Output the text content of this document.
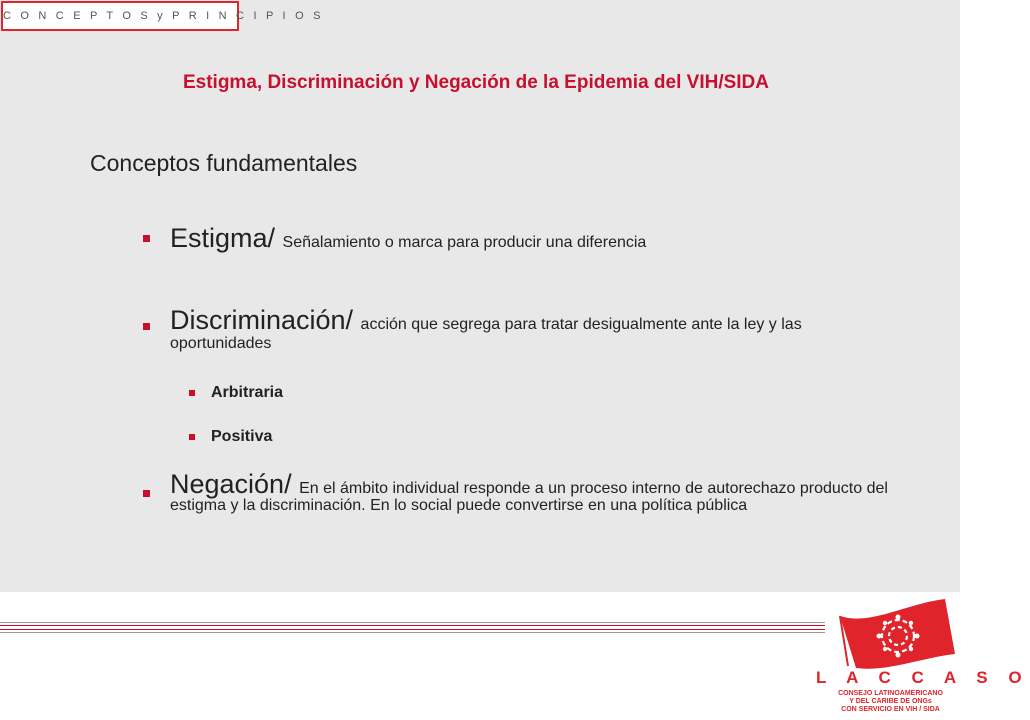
C O N C E P T O S y P R I N C I P I O S
Estigma, Discriminación y Negación de la Epidemia del VIH/SIDA
Conceptos fundamentales
Estigma/ Señalamiento o marca para producir una diferencia
Discriminación/ acción que segrega para tratar desigualmente ante la ley y las oportunidades
Arbitraria
Positiva
Negación/ En el ámbito individual responde a un proceso interno de autorechazo producto del estigma y la discriminación. En lo social puede convertirse en una política pública
L A C C A S O
CONSEJO LATINOAMERICANO
Y DEL CARIBE DE ONGs
CON SERVICIO EN VIH / SIDA
